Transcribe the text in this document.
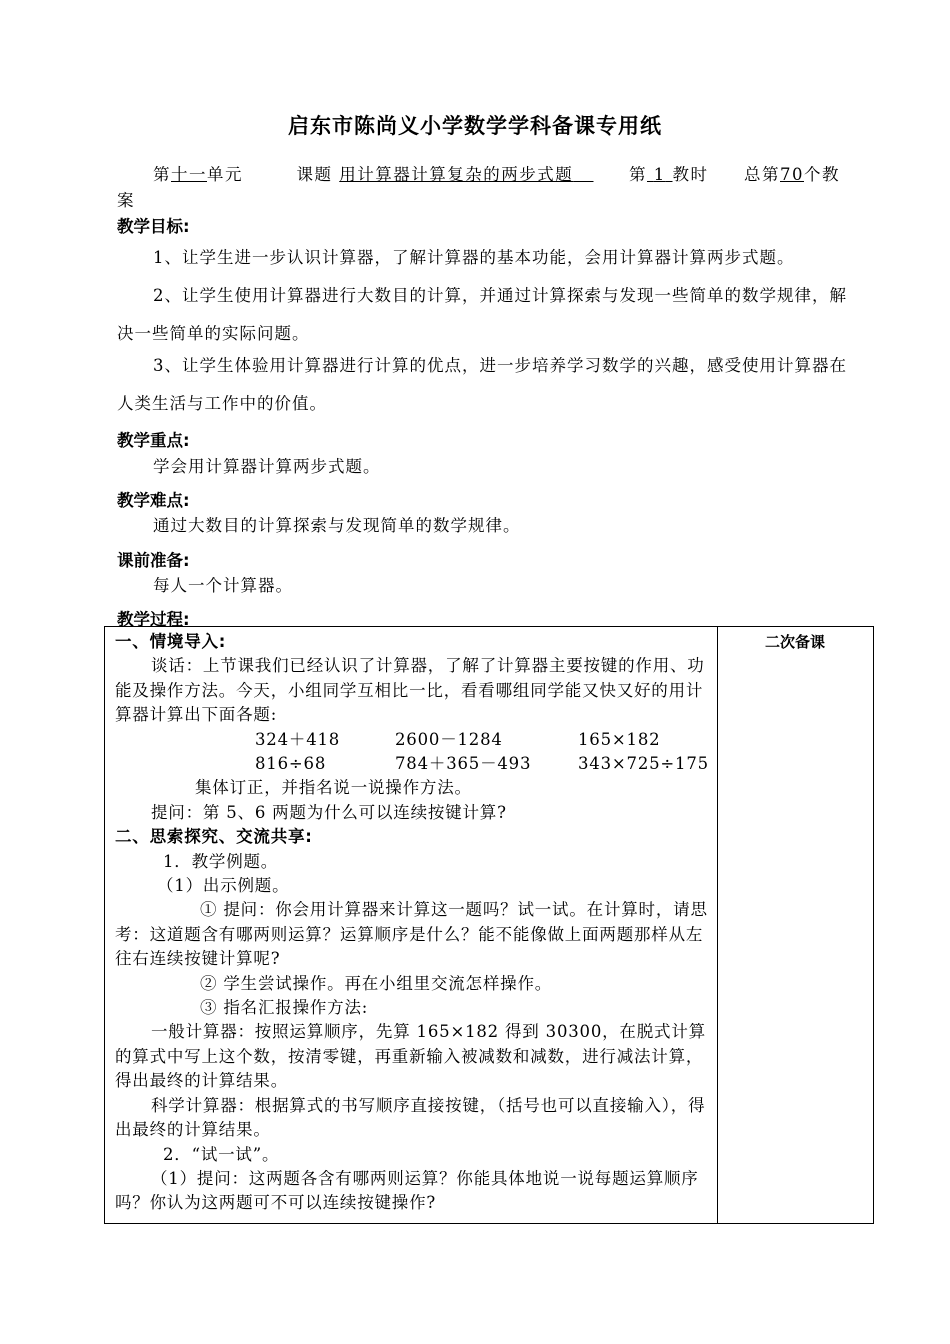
启东市陈尚义小学数学学科备课专用纸
第十一单元	课题 用计算器计算复杂的两步式题	第 1 教时 总第70个教
案
教学目标:
1、让学生进一步认识计算器，了解计算器的基本功能，会用计算器计算两步式题。
2、让学生使用计算器进行大数目的计算，并通过计算探索与发现一些简单的数学规律，解决一些简单的实际问题。
3、让学生体验用计算器进行计算的优点，进一步培养学习数学的兴趣，感受使用计算器在人类生活与工作中的价值。
教学重点:
学会用计算器计算两步式题。
教学难点:
通过大数目的计算探索与发现简单的数学规律。
课前准备:
每人一个计算器。
教学过程:
二次备课
一、情境导入:
谈话：上节课我们已经认识了计算器，了解了计算器主要按键的作用、功能及操作方法。今天，小组同学互相比一比，看看哪组同学能又快又好的用计算器计算出下面各题:
324＋418	2600－1284	165×182
816÷68	784＋365－493	343×725÷175
集体订正，并指名说一说操作方法。
提问：第 5、6 两题为什么可以连续按键计算?
二、思索探究、交流共享:
1．教学例题。
（1）出示例题。
① 提问：你会用计算器来计算这一题吗？试一试。在计算时，请思考：这道题含有哪两则运算？运算顺序是什么？能不能像做上面两题那样从左往右连续按键计算呢?
② 学生尝试操作。再在小组里交流怎样操作。
③ 指名汇报操作方法:
一般计算器：按照运算顺序，先算 165×182 得到 30300，在脱式计算的算式中写上这个数，按清零键，再重新输入被减数和减数，进行减法计算，得出最终的计算结果。
科学计算器：根据算式的书写顺序直接按键，（括号也可以直接输入），得出最终的计算结果。
2．“试一试”。
（1）提问：这两题各含有哪两则运算？你能具体地说一说每题运算顺序吗？你认为这两题可不可以连续按键操作?
